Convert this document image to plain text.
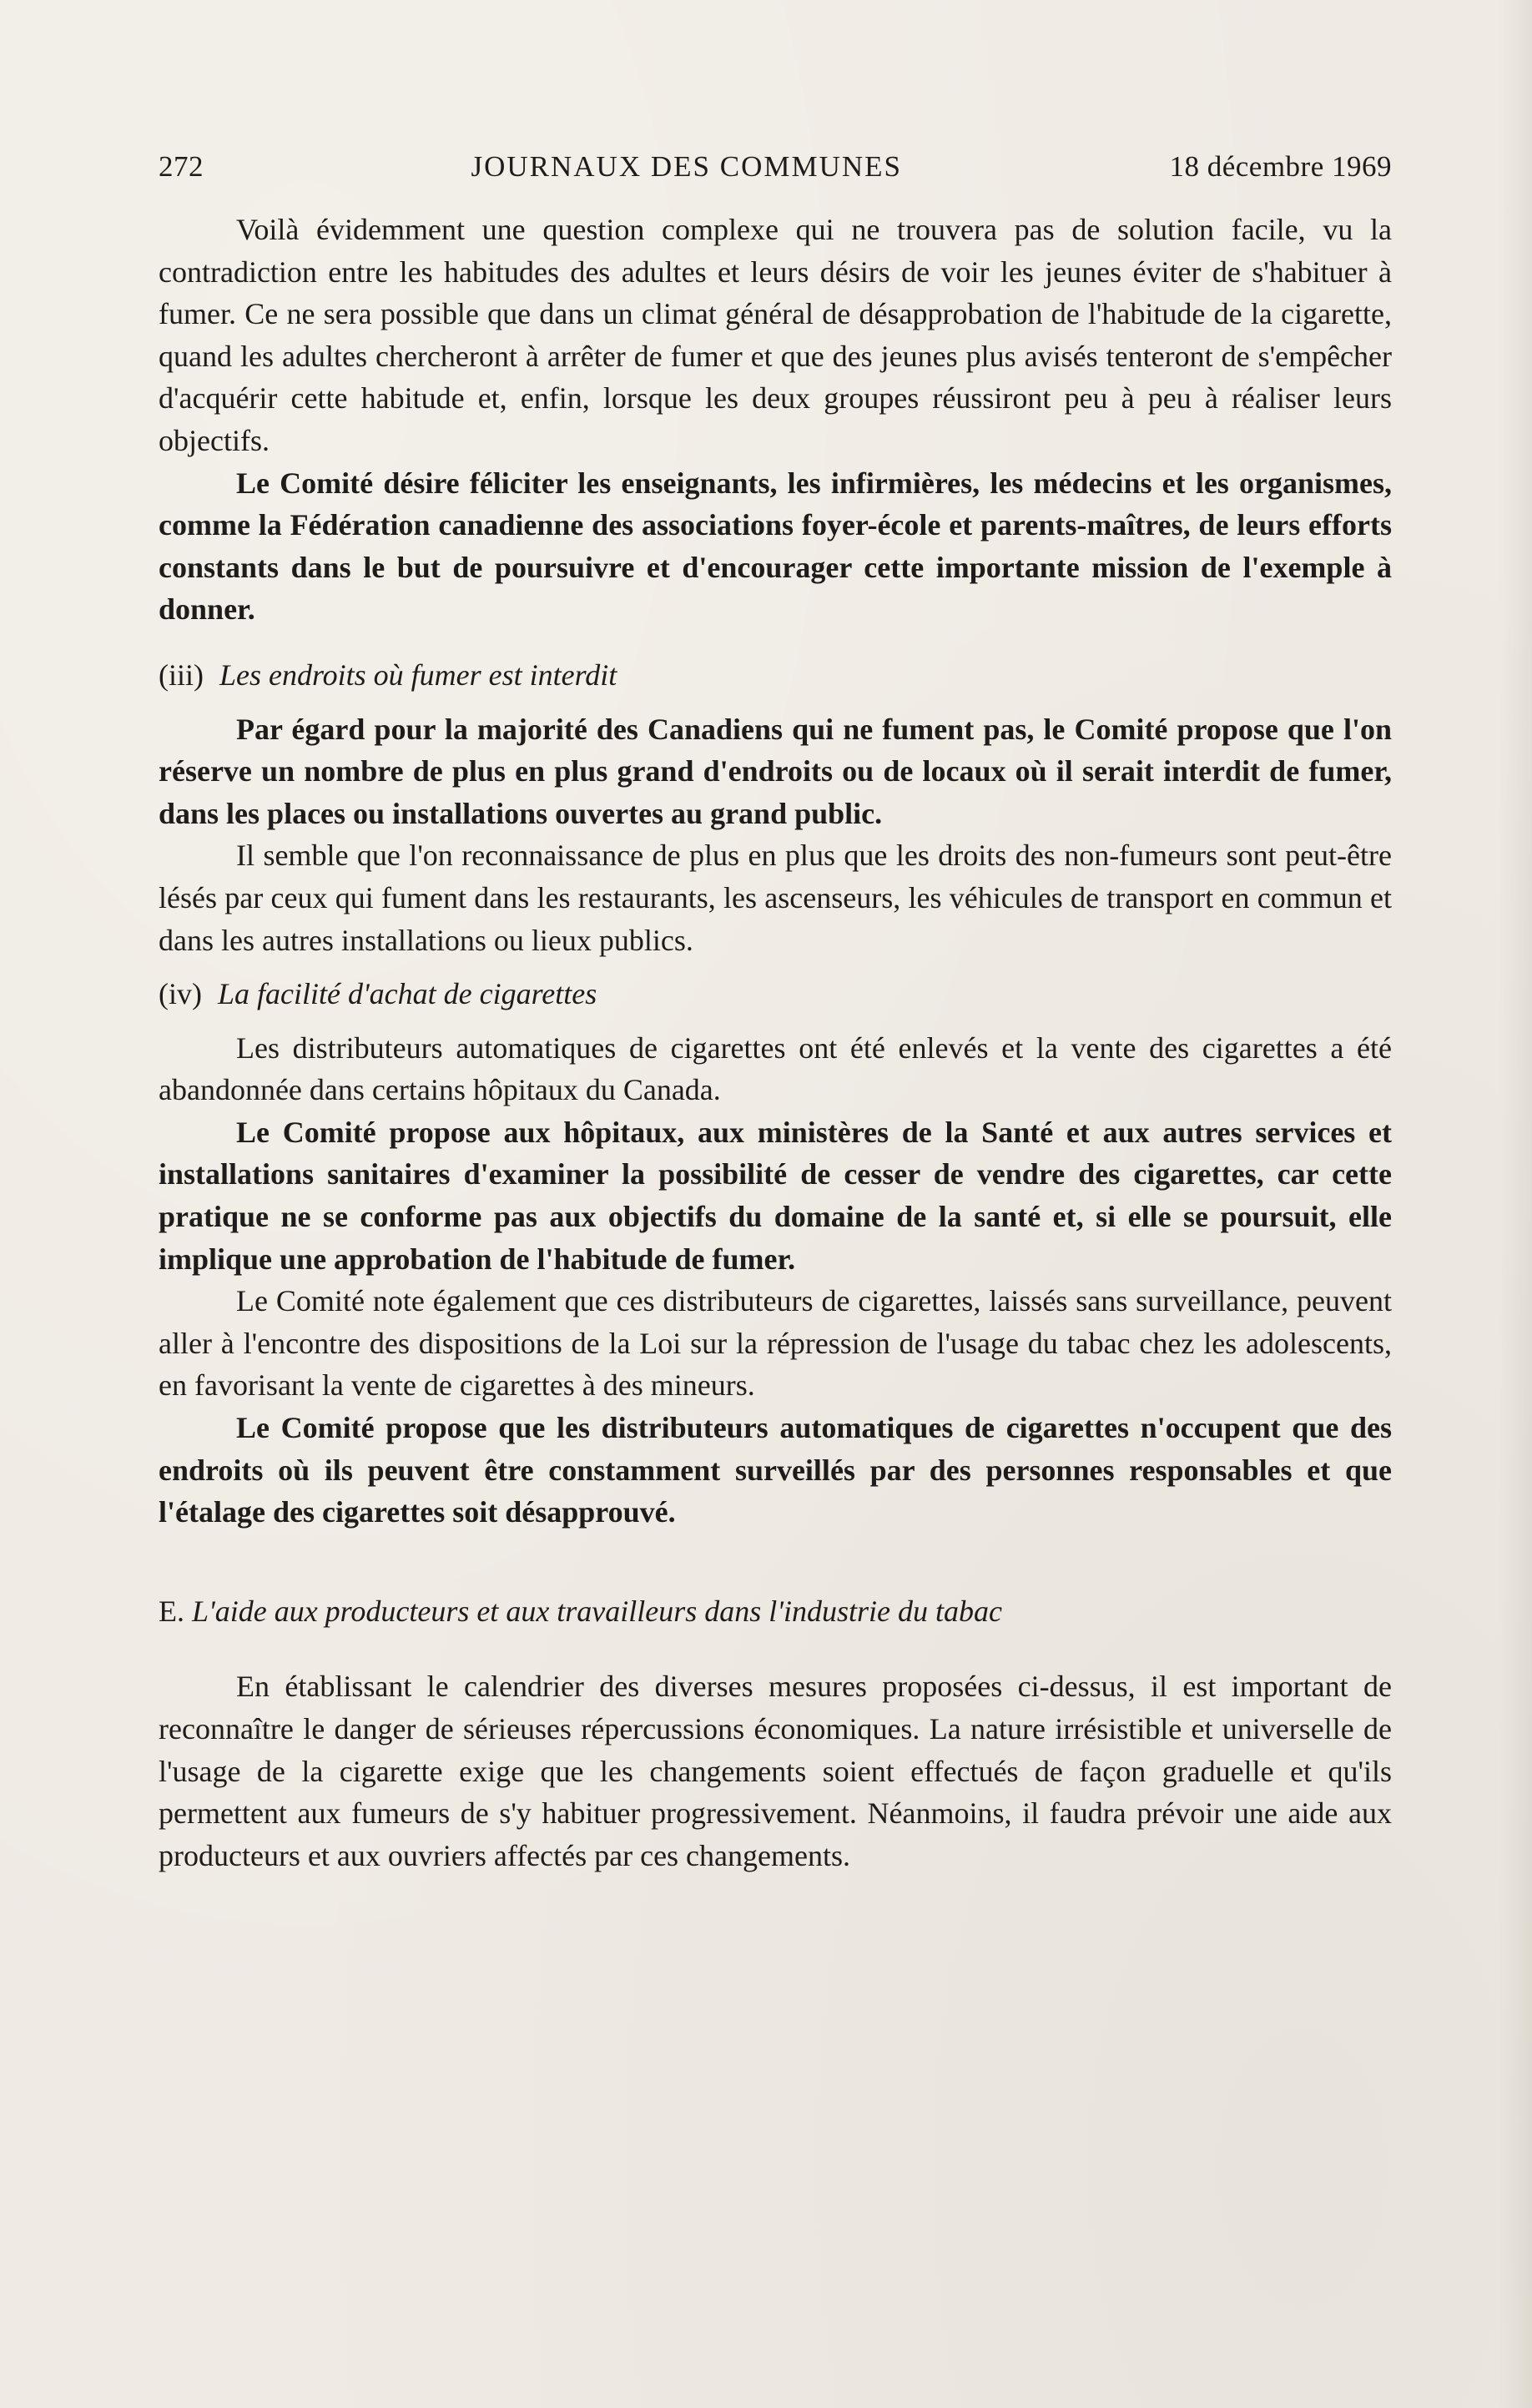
272	JOURNAUX DES COMMUNES	18 décembre 1969

Voilà évidemment une question complexe qui ne trouvera pas de solution facile, vu la contradiction entre les habitudes des adultes et leurs désirs de voir les jeunes éviter de s'habituer à fumer. Ce ne sera possible que dans un climat général de désapprobation de l'habitude de la cigarette, quand les adultes chercheront à arrêter de fumer et que des jeunes plus avisés tenteront de s'empêcher d'acquérir cette habitude et, enfin, lorsque les deux groupes réussiront peu à peu à réaliser leurs objectifs.

Le Comité désire féliciter les enseignants, les infirmières, les médecins et les organismes, comme la Fédération canadienne des associations foyer-école et parents-maîtres, de leurs efforts constants dans le but de poursuivre et d'encourager cette importante mission de l'exemple à donner.

(iii) Les endroits où fumer est interdit

Par égard pour la majorité des Canadiens qui ne fument pas, le Comité propose que l'on réserve un nombre de plus en plus grand d'endroits ou de locaux où il serait interdit de fumer, dans les places ou installations ouvertes au grand public.

Il semble que l'on reconnaissance de plus en plus que les droits des non-fumeurs sont peut-être lésés par ceux qui fument dans les restaurants, les ascenseurs, les véhicules de transport en commun et dans les autres installations ou lieux publics.

(iv) La facilité d'achat de cigarettes

Les distributeurs automatiques de cigarettes ont été enlevés et la vente des cigarettes a été abandonnée dans certains hôpitaux du Canada.

Le Comité propose aux hôpitaux, aux ministères de la Santé et aux autres services et installations sanitaires d'examiner la possibilité de cesser de vendre des cigarettes, car cette pratique ne se conforme pas aux objectifs du domaine de la santé et, si elle se poursuit, elle implique une approbation de l'habitude de fumer.

Le Comité note également que ces distributeurs de cigarettes, laissés sans surveillance, peuvent aller à l'encontre des dispositions de la Loi sur la répression de l'usage du tabac chez les adolescents, en favorisant la vente de cigarettes à des mineurs.

Le Comité propose que les distributeurs automatiques de cigarettes n'occupent que des endroits où ils peuvent être constamment surveillés par des personnes responsables et que l'étalage des cigarettes soit désapprouvé.

E. L'aide aux producteurs et aux travailleurs dans l'industrie du tabac

En établissant le calendrier des diverses mesures proposées ci-dessus, il est important de reconnaître le danger de sérieuses répercussions économiques. La nature irrésistible et universelle de l'usage de la cigarette exige que les changements soient effectués de façon graduelle et qu'ils permettent aux fumeurs de s'y habituer progressivement. Néanmoins, il faudra prévoir une aide aux producteurs et aux ouvriers affectés par ces changements.
